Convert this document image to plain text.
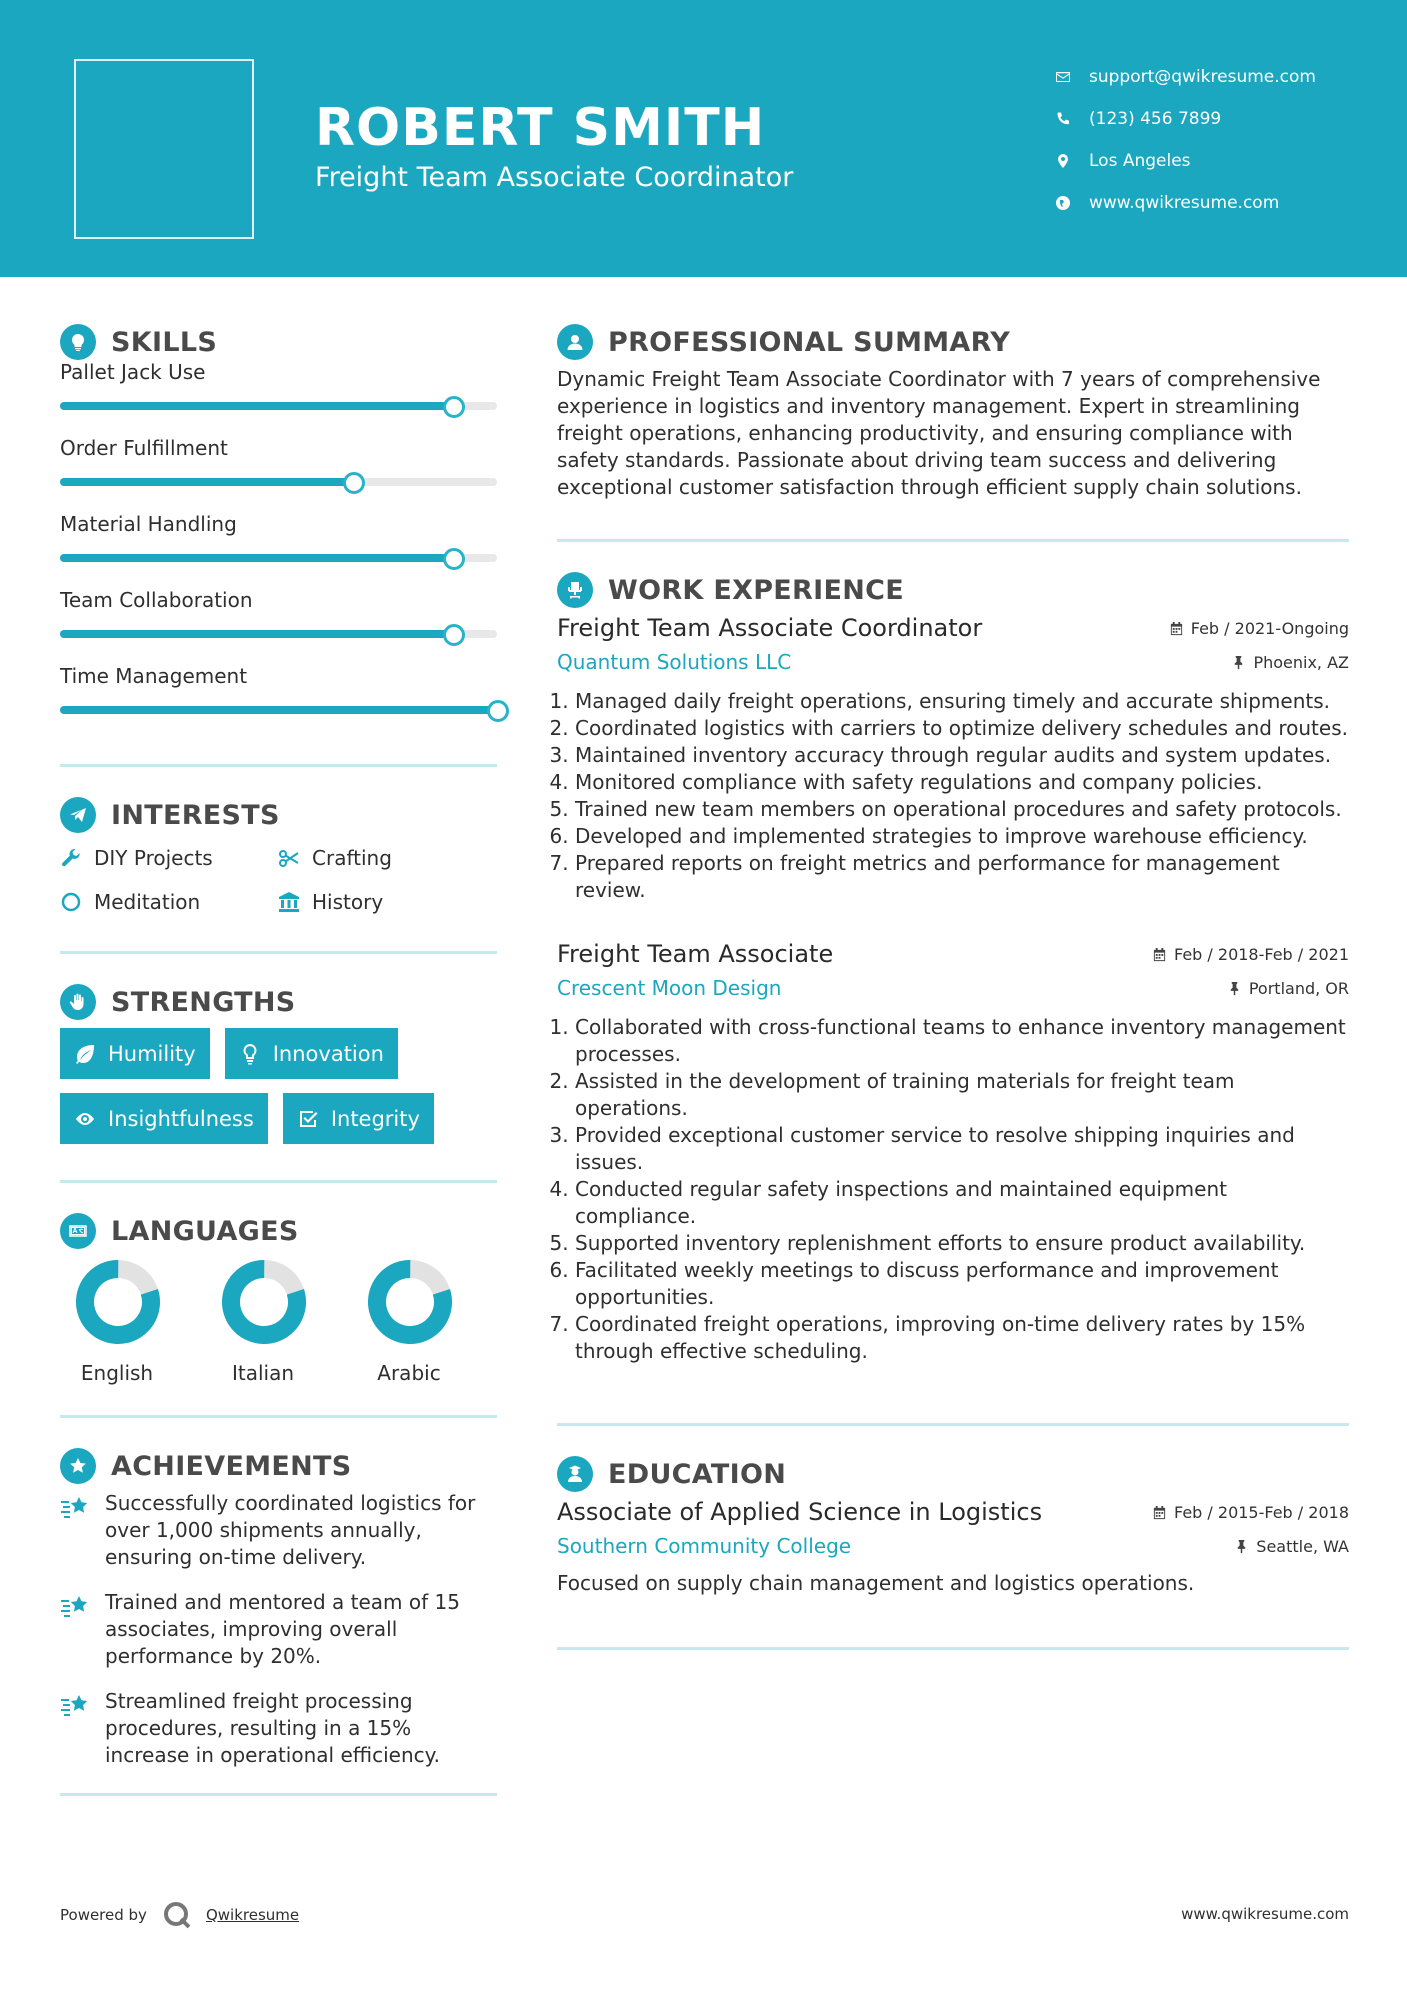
ROBERT SMITH
Freight Team Associate Coordinator
support@qwikresume.com
(123) 456 7899
Los Angeles
www.qwikresume.com
SKILLS
Pallet Jack Use
Order Fulfillment
Material Handling
Team Collaboration
Time Management
INTERESTS
DIY Projects	Crafting
Meditation	History
STRENGTHS
Humility	Innovation
Insightfulness	Integrity
LANGUAGES
English	Italian	Arabic
ACHIEVEMENTS
Successfully coordinated logistics for over 1,000 shipments annually, ensuring on-time delivery.
Trained and mentored a team of 15 associates, improving overall performance by 20%.
Streamlined freight processing procedures, resulting in a 15% increase in operational efficiency.
PROFESSIONAL SUMMARY
Dynamic Freight Team Associate Coordinator with 7 years of comprehensive experience in logistics and inventory management. Expert in streamlining freight operations, enhancing productivity, and ensuring compliance with safety standards. Passionate about driving team success and delivering exceptional customer satisfaction through efficient supply chain solutions.
WORK EXPERIENCE
Freight Team Associate Coordinator	Feb / 2021-Ongoing
Quantum Solutions LLC	Phoenix, AZ
1. Managed daily freight operations, ensuring timely and accurate shipments.
2. Coordinated logistics with carriers to optimize delivery schedules and routes.
3. Maintained inventory accuracy through regular audits and system updates.
4. Monitored compliance with safety regulations and company policies.
5. Trained new team members on operational procedures and safety protocols.
6. Developed and implemented strategies to improve warehouse efficiency.
7. Prepared reports on freight metrics and performance for management review.
Freight Team Associate	Feb / 2018-Feb / 2021
Crescent Moon Design	Portland, OR
1. Collaborated with cross-functional teams to enhance inventory management processes.
2. Assisted in the development of training materials for freight team operations.
3. Provided exceptional customer service to resolve shipping inquiries and issues.
4. Conducted regular safety inspections and maintained equipment compliance.
5. Supported inventory replenishment efforts to ensure product availability.
6. Facilitated weekly meetings to discuss performance and improvement opportunities.
7. Coordinated freight operations, improving on-time delivery rates by 15% through effective scheduling.
EDUCATION
Associate of Applied Science in Logistics	Feb / 2015-Feb / 2018
Southern Community College	Seattle, WA
Focused on supply chain management and logistics operations.
Powered by	Qwikresume	www.qwikresume.com
